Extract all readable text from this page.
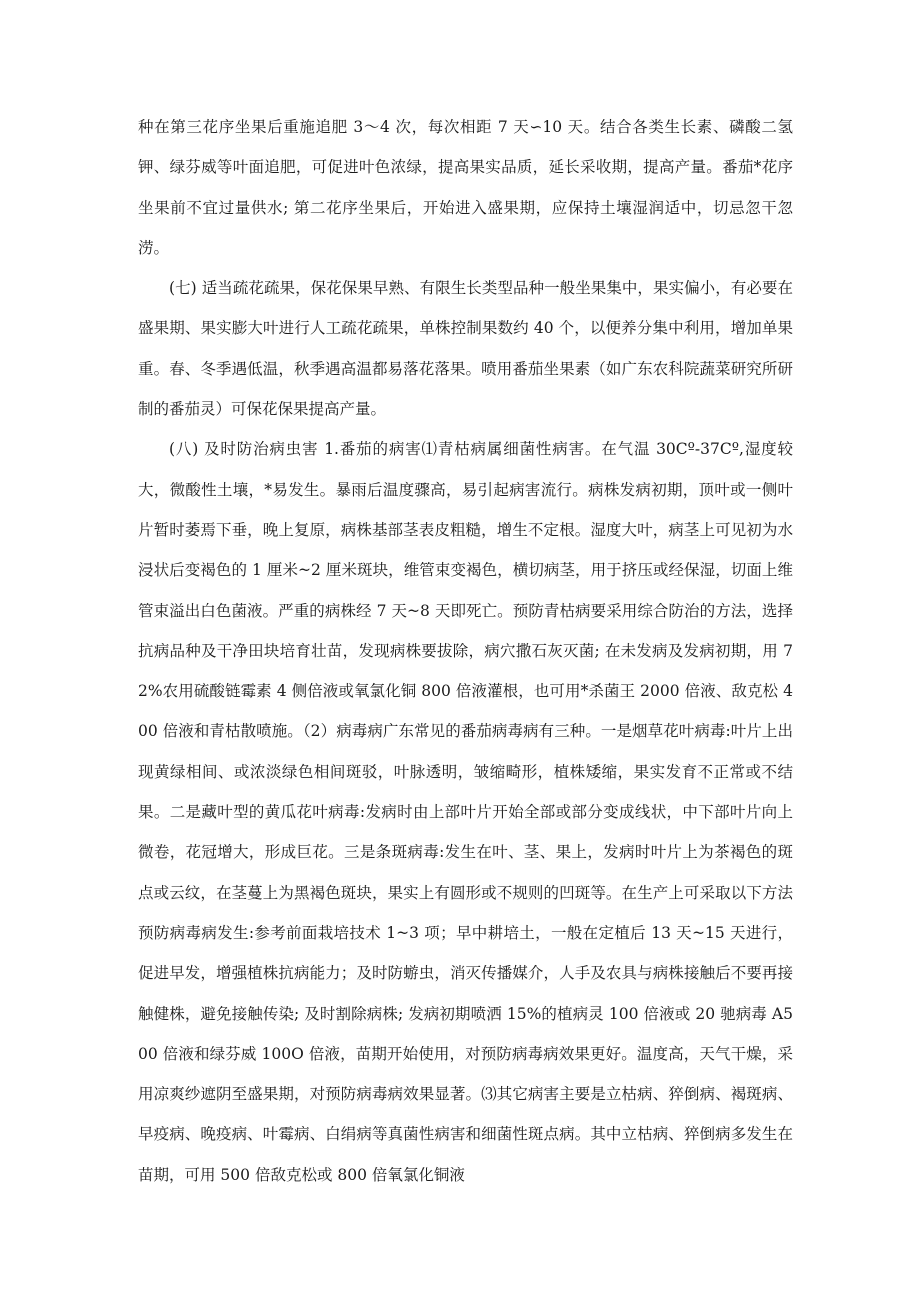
种在第三花序坐果后重施追肥 3～4 次，每次相距 7 天∽10 天。结合各类生长素、磷酸二氢钾、绿芬威等叶面追肥，可促进叶色浓绿，提高果实品质，延长采收期，提高产量。番茄*花序坐果前不宜过量供水; 第二花序坐果后，开始进入盛果期，应保持土壤湿润适中，切忌忽干忽涝。

(七) 适当疏花疏果，保花保果早熟、有限生长类型品种一般坐果集中，果实偏小，有必要在盛果期、果实膨大叶进行人工疏花疏果，单株控制果数约 40 个，以便养分集中利用，增加单果重。春、冬季遇低温，秋季遇高温都易落花落果。喷用番茄坐果素（如广东农科院蔬菜研究所研制的番茄灵）可保花保果提高产量。

(八) 及时防治病虫害 1.番茄的病害⑴青枯病属细菌性病害。在气温 30Cº-37Cº,湿度较大，微酸性土壤，*易发生。暴雨后温度骤高，易引起病害流行。病株发病初期，顶叶或一侧叶片暂时萎焉下垂，晚上复原，病株基部茎表皮粗糙，增生不定根。湿度大叶，病茎上可见初为水浸状后变褐色的 1 厘米~2 厘米斑块，维管束变褐色，横切病茎，用于挤压或经保湿，切面上维管束溢出白色菌液。严重的病株经 7 天~8 天即死亡。预防青枯病要采用综合防治的方法，选择抗病品种及干净田块培育壮苗，发现病株要拔除，病穴撒石灰灭菌; 在未发病及发病初期，用 72%农用硫酸链霉素 4 侧倍液或氧氯化铜 800 倍液灌根，也可用*杀菌王 2000 倍液、敌克松 400 倍液和青枯散喷施。（2）病毒病广东常见的番茄病毒病有三种。一是烟草花叶病毒:叶片上出现黄绿相间、或浓淡绿色相间斑驳，叶脉透明，皱缩畸形，植株矮缩，果实发育不正常或不结果。二是藏叶型的黄瓜花叶病毒:发病时由上部叶片开始全部或部分变成线状，中下部叶片向上微卷，花冠增大，形成巨花。三是条斑病毒:发生在叶、茎、果上，发病时叶片上为茶褐色的斑点或云纹，在茎蔓上为黑褐色斑块，果实上有圆形或不规则的凹斑等。在生产上可采取以下方法预防病毒病发生:参考前面栽培技术 1~3 项；早中耕培土，一般在定植后 13 天~15 天进行，促进早发，增强植株抗病能力；及时防蝣虫，消灭传播媒介，人手及农具与病株接触后不要再接触健株，避免接触传染; 及时割除病株; 发病初期喷洒 15%的植病灵 100 倍液或 20 驰病毒 A500 倍液和绿芬威 100O 倍液，苗期开始使用，对预防病毒病效果更好。温度高，天气干燥，采用凉爽纱遮阴至盛果期，对预防病毒病效果显著。⑶其它病害主要是立枯病、猝倒病、褐斑病、早疫病、晚疫病、叶霉病、白绢病等真菌性病害和细菌性斑点病。其中立枯病、猝倒病多发生在苗期，可用 500 倍敌克松或 800 倍氧氯化铜液
